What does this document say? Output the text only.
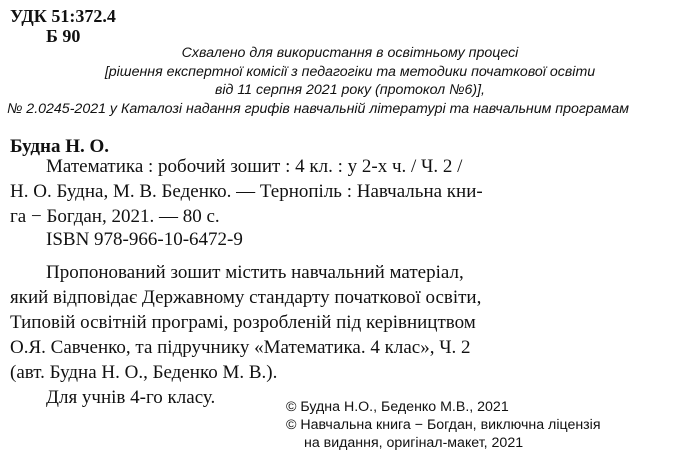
УДК 51:372.4
Б 90
Схвалено для використання в освітньому процесі
[рішення експертної комісії з педагогіки та методики початкової освіти
від 11 серпня 2021 року (протокол №6)],
№ 2.0245-2021 у Каталозі надання грифів навчальній літературі та навчальним програмам
Будна Н. О.
Математика : робочий зошит : 4 кл. : у 2-х ч. / Ч. 2 /
Н. О. Будна, М. В. Беденко. — Тернопіль : Навчальна кни-
га − Богдан, 2021. — 80 с.
ISBN 978-966-10-6472-9
Пропонований зошит містить навчальний матеріал,
який відповідає Державному стандарту початкової освіти,
Типовій освітній програмі, розробленій під керівництвом
О.Я. Савченко, та підручнику «Математика. 4 клас», Ч. 2
(авт. Будна Н. О., Беденко М. В.).
Для учнів 4-го класу.	© Будна Н.О., Беденко М.В., 2021
© Навчальна книга − Богдан, виключна ліцензія
на видання, оригінал-макет, 2021
